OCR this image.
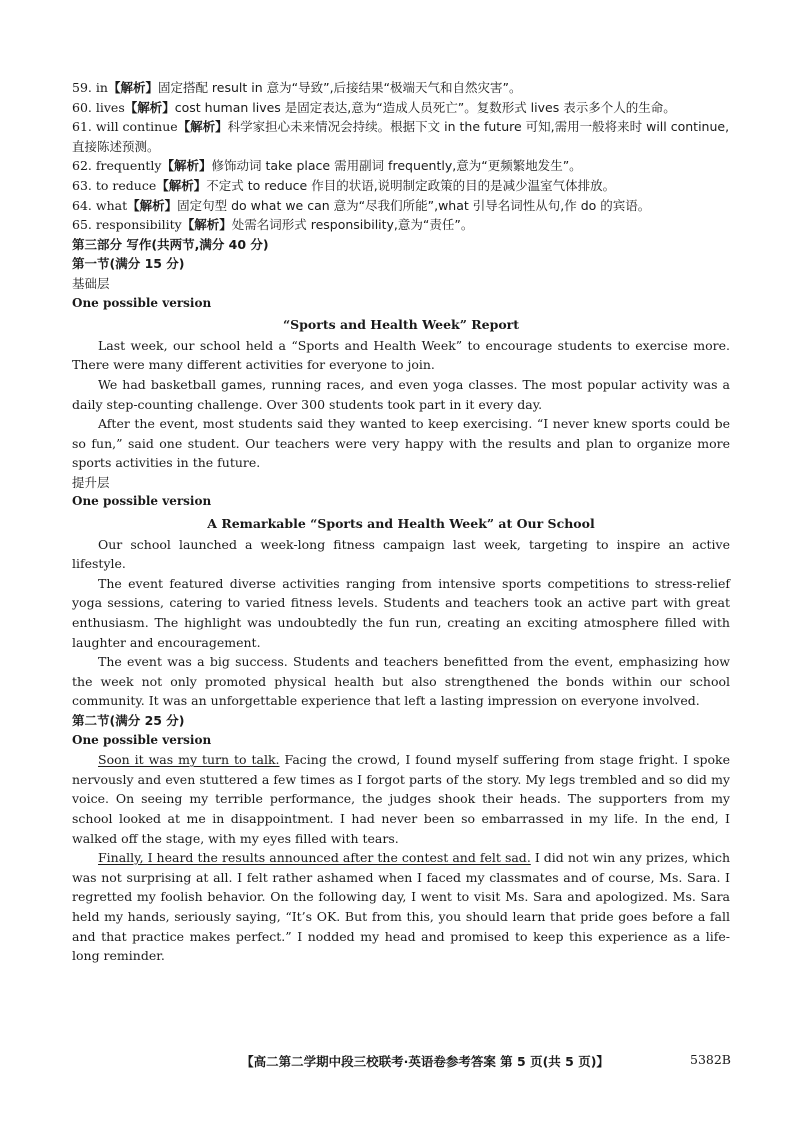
59. in【解析】固定搭配 result in 意为“导致”,后接结果“极端天气和自然灾害”。

60. lives【解析】cost human lives 是固定表达,意为“造成人员死亡”。复数形式 lives 表示多个人的生命。

61. will continue【解析】科学家担心未来情况会持续。根据下文 in the future 可知,需用一般将来时 will continue,直接陈述预测。

62. frequently【解析】修饰动词 take place 需用副词 frequently,意为“更频繁地发生”。

63. to reduce【解析】不定式 to reduce 作目的状语,说明制定政策的目的是减少温室气体排放。

64. what【解析】固定句型 do what we can 意为“尽我们所能”,what 引导名词性从句,作 do 的宾语。

65. responsibility【解析】处需名词形式 responsibility,意为“责任”。

第三部分 写作(共两节,满分 40 分)

第一节(满分 15 分)

基础层

One possible version

“Sports and Health Week” Report

Last week, our school held a “Sports and Health Week” to encourage students to exercise more. There were many different activities for everyone to join.

We had basketball games, running races, and even yoga classes. The most popular activity was a daily step-counting challenge. Over 300 students took part in it every day.

After the event, most students said they wanted to keep exercising. “I never knew sports could be so fun,” said one student. Our teachers were very happy with the results and plan to organize more sports activities in the future.

提升层

One possible version

A Remarkable “Sports and Health Week” at Our School

Our school launched a week-long fitness campaign last week, targeting to inspire an active lifestyle.

The event featured diverse activities ranging from intensive sports competitions to stress-relief yoga sessions, catering to varied fitness levels. Students and teachers took an active part with great enthusiasm. The highlight was undoubtedly the fun run, creating an exciting atmosphere filled with laughter and encouragement.

The event was a big success. Students and teachers benefitted from the event, emphasizing how the week not only promoted physical health but also strengthened the bonds within our school community. It was an unforgettable experience that left a lasting impression on everyone involved.

第二节(满分 25 分)

One possible version

Soon it was my turn to talk. Facing the crowd, I found myself suffering from stage fright. I spoke nervously and even stuttered a few times as I forgot parts of the story. My legs trembled and so did my voice. On seeing my terrible performance, the judges shook their heads. The supporters from my school looked at me in disappointment. I had never been so embarrassed in my life. In the end, I walked off the stage, with my eyes filled with tears.

Finally, I heard the results announced after the contest and felt sad. I did not win any prizes, which was not surprising at all. I felt rather ashamed when I faced my classmates and of course, Ms. Sara. I regretted my foolish behavior. On the following day, I went to visit Ms. Sara and apologized. Ms. Sara held my hands, seriously saying, “It’s OK. But from this, you should learn that pride goes before a fall and that practice makes perfect.” I nodded my head and promised to keep this experience as a life-long reminder.

【高二第二学期中段三校联考·英语卷参考答案 第 5 页(共 5 页)】	5382B
